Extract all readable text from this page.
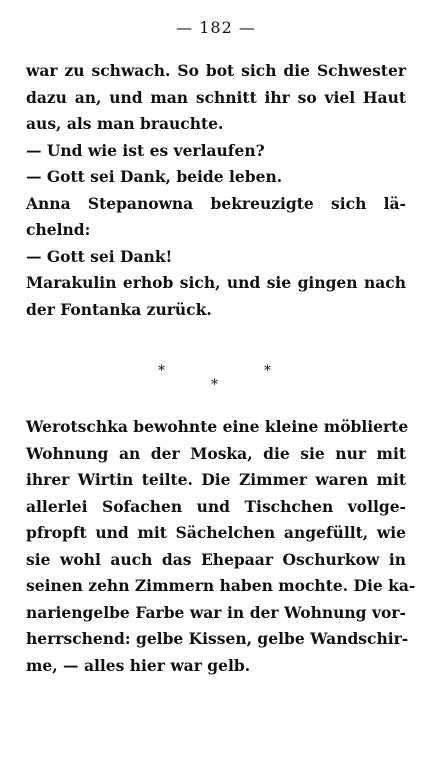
— 182 —
war zu schwach. So bot sich die Schwester
dazu an, und man schnitt ihr so viel Haut
aus, als man brauchte.
— Und wie ist es verlaufen?
— Gott sei Dank, beide leben.
Anna Stepanowna bekreuzigte sich lä-
chelnd:
— Gott sei Dank!
Marakulin erhob sich, und sie gingen nach
der Fontanka zurück.
*	*
*
Werotschka bewohnte eine kleine möblierte
Wohnung an der Moska, die sie nur mit
ihrer Wirtin teilte. Die Zimmer waren mit
allerlei Sofachen und Tischchen vollge-
pfropft und mit Sächelchen angefüllt, wie
sie wohl auch das Ehepaar Oschurkow in
seinen zehn Zimmern haben mochte. Die ka-
nariengelbe Farbe war in der Wohnung vor-
herrschend: gelbe Kissen, gelbe Wandschir-
me, — alles hier war gelb.
